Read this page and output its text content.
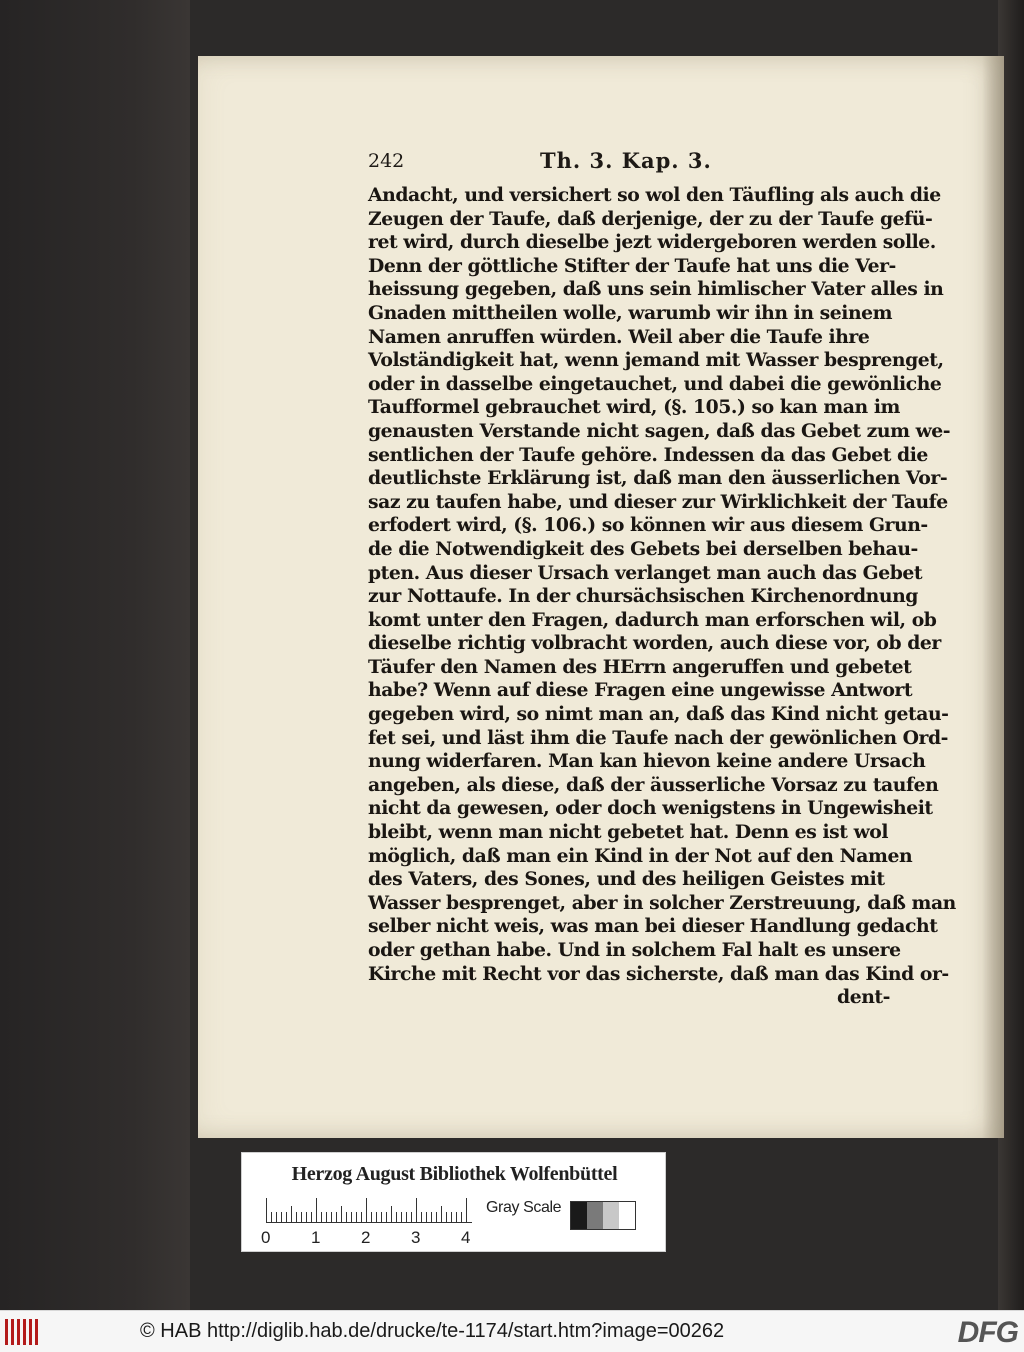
242	Th. 3. Kap. 3.
Andacht, und versichert so wol den Täufling als auch die
Zeugen der Taufe, daß derjenige, der zu der Taufe gefü-
ret wird, durch dieselbe jezt widergeboren werden solle.
Denn der göttliche Stifter der Taufe hat uns die Ver-
heissung gegeben, daß uns sein himlischer Vater alles in
Gnaden mittheilen wolle, warumb wir ihn in seinem
Namen anruffen würden. Weil aber die Taufe ihre
Volständigkeit hat, wenn jemand mit Wasser besprenget,
oder in dasselbe eingetauchet, und dabei die gewönliche
Taufformel gebrauchet wird, (§. 105.) so kan man im
genausten Verstande nicht sagen, daß das Gebet zum we-
sentlichen der Taufe gehöre. Indessen da das Gebet die
deutlichste Erklärung ist, daß man den äusserlichen Vor-
saz zu taufen habe, und dieser zur Wirklichkeit der Taufe
erfodert wird, (§. 106.) so können wir aus diesem Grun-
de die Notwendigkeit des Gebets bei derselben behau-
pten. Aus dieser Ursach verlanget man auch das Gebet
zur Nottaufe. In der chursächsischen Kirchenordnung
komt unter den Fragen, dadurch man erforschen wil, ob
dieselbe richtig volbracht worden, auch diese vor, ob der
Täufer den Namen des HErrn angeruffen und gebetet
habe? Wenn auf diese Fragen eine ungewisse Antwort
gegeben wird, so nimt man an, daß das Kind nicht getau-
fet sei, und läst ihm die Taufe nach der gewönlichen Ord-
nung widerfaren. Man kan hievon keine andere Ursach
angeben, als diese, daß der äusserliche Vorsaz zu taufen
nicht da gewesen, oder doch wenigstens in Ungewisheit
bleibt, wenn man nicht gebetet hat. Denn es ist wol
möglich, daß man ein Kind in der Not auf den Namen
des Vaters, des Sones, und des heiligen Geistes mit
Wasser besprenget, aber in solcher Zerstreuung, daß man
selber nicht weis, was man bei dieser Handlung gedacht
oder gethan habe. Und in solchem Fal halt es unsere
Kirche mit Recht vor das sicherste, daß man das Kind or-
dent-
Herzog August Bibliothek Wolfenbüttel
0 1 2 3 4
Gray Scale
© HAB http://diglib.hab.de/drucke/te-1174/start.htm?image=00262	DFG
